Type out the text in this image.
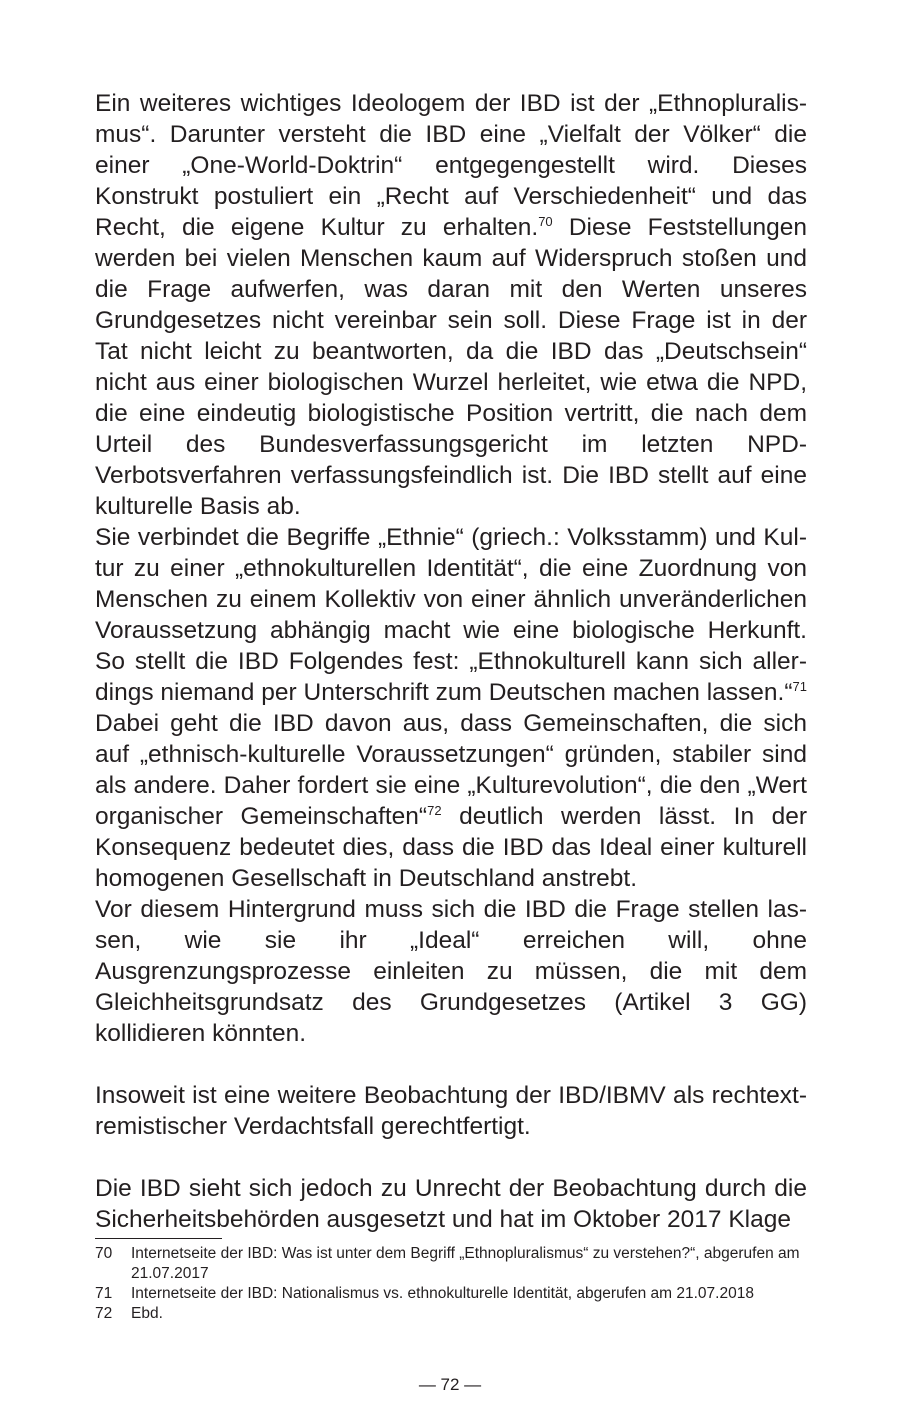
Ein weiteres wichtiges Ideologem der IBD ist der „Ethnopluralismus“. Darunter versteht die IBD eine „Vielfalt der Völker“ die einer „One-World-Doktrin“ entgegengestellt wird. Dieses Konstrukt postuliert ein „Recht auf Verschiedenheit“ und das Recht, die eigene Kultur zu erhalten.$^{70}$ Diese Feststellungen werden bei vielen Menschen kaum auf Widerspruch stoßen und die Frage aufwerfen, was daran mit den Werten unseres Grundgesetzes nicht vereinbar sein soll. Diese Frage ist in der Tat nicht leicht zu beantworten, da die IBD das „Deutschsein“ nicht aus einer biologischen Wurzel herleitet, wie etwa die NPD, die eine eindeutig biologistische Position vertritt, die nach dem Urteil des Bundesverfassungsgericht im letzten NPD-Verbotsverfahren verfassungsfeindlich ist. Die IBD stellt auf eine kulturelle Basis ab.

Sie verbindet die Begriffe „Ethnie“ (griech.: Volksstamm) und Kultur zu einer „ethnokulturellen Identität“, die eine Zuordnung von Menschen zu einem Kollektiv von einer ähnlich unveränderlichen Voraussetzung abhängig macht wie eine biologische Herkunft. So stellt die IBD Folgendes fest: „Ethnokulturell kann sich allerdings niemand per Unterschrift zum Deutschen machen lassen.“$^{71}$ Dabei geht die IBD davon aus, dass Gemeinschaften, die sich auf „ethnisch-kulturelle Voraussetzungen“ gründen, stabiler sind als andere. Daher fordert sie eine „Kulturevolution“, die den „Wert organischer Gemeinschaften“$^{72}$ deutlich werden lässt. In der Konsequenz bedeutet dies, dass die IBD das Ideal einer kulturell homogenen Gesellschaft in Deutschland anstrebt.

Vor diesem Hintergrund muss sich die IBD die Frage stellen lassen, wie sie ihr „Ideal“ erreichen will, ohne Ausgrenzungsprozesse einleiten zu müssen, die mit dem Gleichheitsgrundsatz des Grundgesetzes (Artikel 3 GG) kollidieren könnten.

Insoweit ist eine weitere Beobachtung der IBD/IBMV als rechtextremistischer Verdachtsfall gerechtfertigt.

Die IBD sieht sich jedoch zu Unrecht der Beobachtung durch die Sicherheitsbehörden ausgesetzt und hat im Oktober 2017 Klage

70	Internetseite der IBD: Was ist unter dem Begriff „Ethnopluralismus“ zu verstehen?“, abgerufen am 21.07.2017
71	Internetseite der IBD: Nationalismus vs. ethnokulturelle Identität, abgerufen am 21.07.2018
72	Ebd.
— 72 —
